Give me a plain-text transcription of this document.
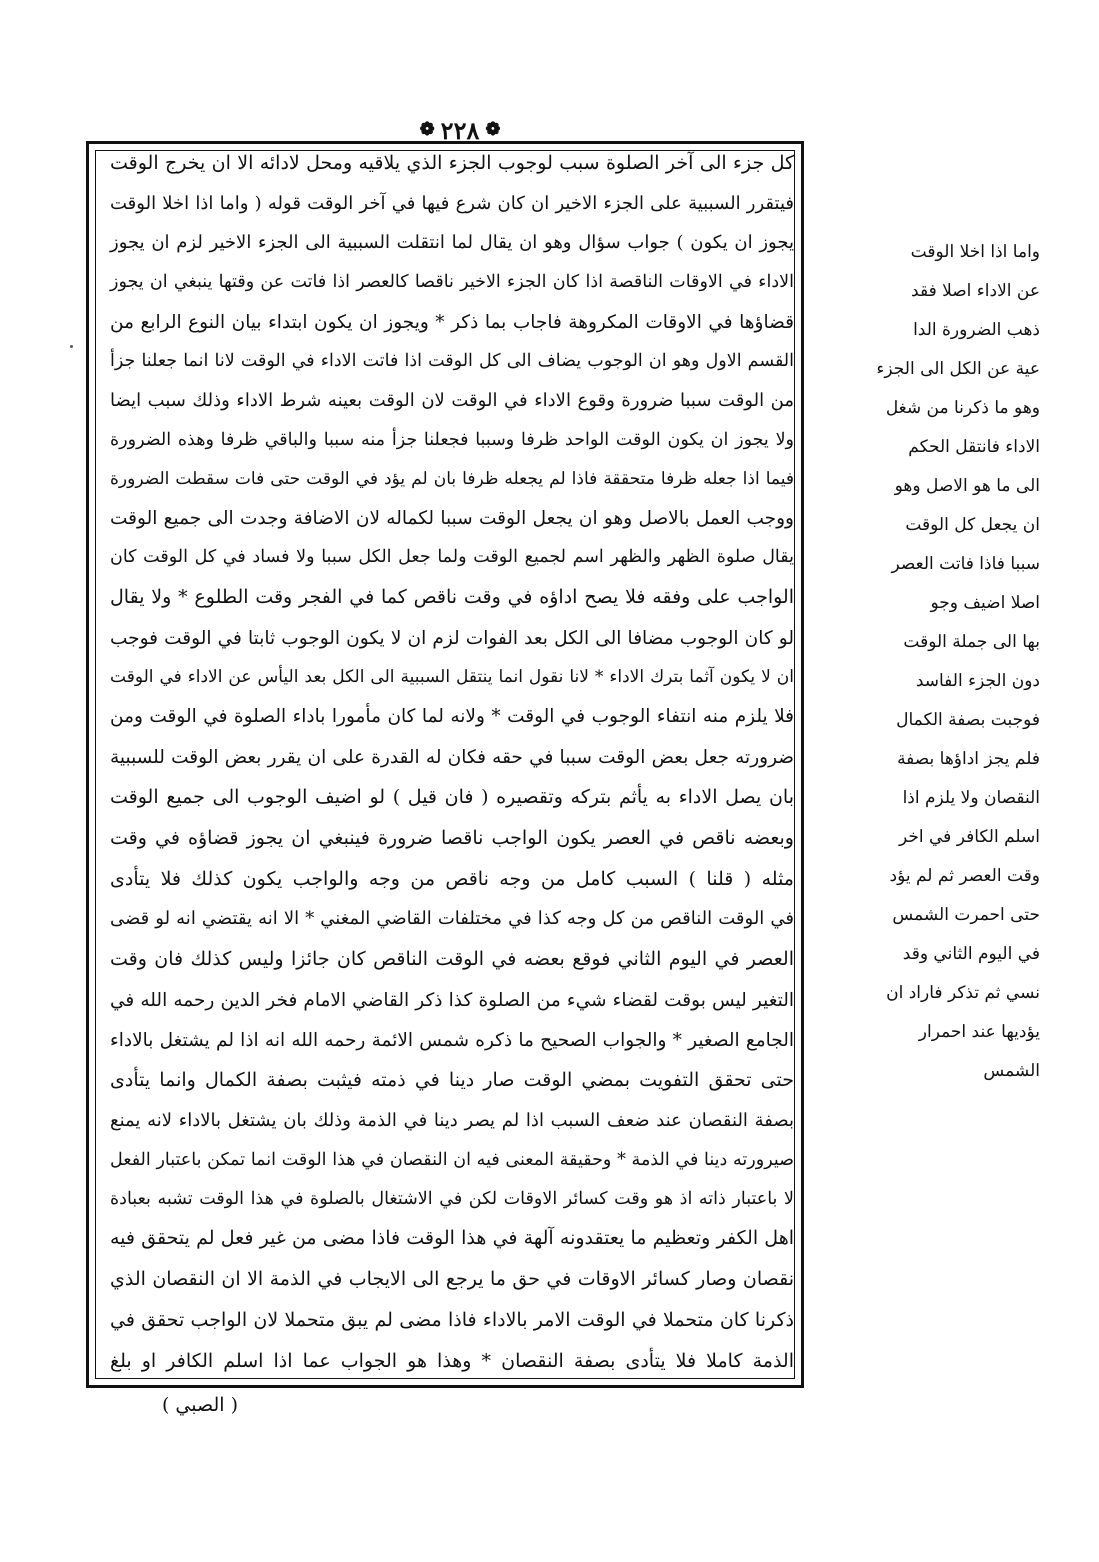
❁
٢٢٨
❁
كل جزء الى آخر الصلوة سبب لوجوب الجزء الذي يلاقيه ومحل لادائه الا ان يخرج الوقت
فيتقرر السببية على الجزء الاخير ان كان شرع فيها في آخر الوقت قوله ( واما اذا اخلا الوقت
يجوز ان يكون ) جواب سؤال وهو ان يقال لما انتقلت السببية الى الجزء الاخير لزم ان يجوز
الاداء في الاوقات الناقصة اذا كان الجزء الاخير ناقصا كالعصر اذا فاتت عن وقتها ينبغي ان يجوز
قضاؤها في الاوقات المكروهة فاجاب بما ذكر * ويجوز ان يكون ابتداء بيان النوع الرابع من
القسم الاول وهو ان الوجوب يضاف الى كل الوقت اذا فاتت الاداء في الوقت لانا انما جعلنا جزأ
من الوقت سببا ضرورة وقوع الاداء في الوقت لان الوقت بعينه شرط الاداء وذلك سبب ايضا
ولا يجوز ان يكون الوقت الواحد ظرفا وسببا فجعلنا جزأ منه سببا والباقي ظرفا وهذه الضرورة
فيما اذا جعله ظرفا متحققة فاذا لم يجعله ظرفا بان لم يؤد في الوقت حتى فات سقطت الضرورة
ووجب العمل بالاصل وهو ان يجعل الوقت سببا لكماله لان الاضافة وجدت الى جميع الوقت
يقال صلوة الظهر والظهر اسم لجميع الوقت ولما جعل الكل سببا ولا فساد في كل الوقت كان
الواجب على وفقه فلا يصح اداؤه في وقت ناقص كما في الفجر وقت الطلوع * ولا يقال
لو كان الوجوب مضافا الى الكل بعد الفوات لزم ان لا يكون الوجوب ثابتا في الوقت فوجب
ان لا يكون آثما بترك الاداء * لانا نقول انما ينتقل السببية الى الكل بعد اليأس عن الاداء في الوقت
فلا يلزم منه انتفاء الوجوب في الوقت * ولانه لما كان مأمورا باداء الصلوة في الوقت ومن
ضرورته جعل بعض الوقت سببا في حقه فكان له القدرة على ان يقرر بعض الوقت للسببية
بان يصل الاداء به يأثم بتركه وتقصيره ( فان قيل ) لو اضيف الوجوب الى جميع الوقت
وبعضه ناقص في العصر يكون الواجب ناقصا ضرورة فينبغي ان يجوز قضاؤه في وقت
مثله ( قلنا ) السبب كامل من وجه ناقص من وجه والواجب يكون كذلك فلا يتأدى
في الوقت الناقص من كل وجه كذا في مختلفات القاضي المغني * الا انه يقتضي انه لو قضى
العصر في اليوم الثاني فوقع بعضه في الوقت الناقص كان جائزا وليس كذلك فان وقت
التغير ليس بوقت لقضاء شيء من الصلوة كذا ذكر القاضي الامام فخر الدين رحمه الله في
الجامع الصغير * والجواب الصحيح ما ذكره شمس الائمة رحمه الله انه اذا لم يشتغل بالاداء
حتى تحقق التفويت بمضي الوقت صار دينا في ذمته فيثبت بصفة الكمال وانما يتأدى
بصفة النقصان عند ضعف السبب اذا لم يصر دينا في الذمة وذلك بان يشتغل بالاداء لانه يمنع
صيرورته دينا في الذمة * وحقيقة المعنى فيه ان النقصان في هذا الوقت انما تمكن باعتبار الفعل
لا باعتبار ذاته اذ هو وقت كسائر الاوقات لكن في الاشتغال بالصلوة في هذا الوقت تشبه بعبادة
اهل الكفر وتعظيم ما يعتقدونه آلهة في هذا الوقت فاذا مضى من غير فعل لم يتحقق فيه
نقصان وصار كسائر الاوقات في حق ما يرجع الى الايجاب في الذمة الا ان النقصان الذي
ذكرنا كان متحملا في الوقت الامر بالاداء فاذا مضى لم يبق متحملا لان الواجب تحقق في
الذمة كاملا فلا يتأدى بصفة النقصان * وهذا هو الجواب عما اذا اسلم الكافر او بلغ
واما اذا اخلا الوقت
عن الاداء اصلا فقد
ذهب الضرورة الدا
عية عن الكل الى الجزء
وهو ما ذكرنا من شغل
الاداء فانتقل الحكم
الى ما هو الاصل وهو
ان يجعل كل الوقت
سببا فاذا فاتت العصر
اصلا اضيف وجو
بها الى جملة الوقت
دون الجزء الفاسد
فوجبت بصفة الكمال
فلم يجز اداؤها بصفة
النقصان ولا يلزم اذا
اسلم الكافر في اخر
وقت العصر ثم لم يؤد
حتى احمرت الشمس
في اليوم الثاني وقد
نسي ثم تذكر فاراد ان
يؤديها عند احمرار
الشمس
( الصبي )
